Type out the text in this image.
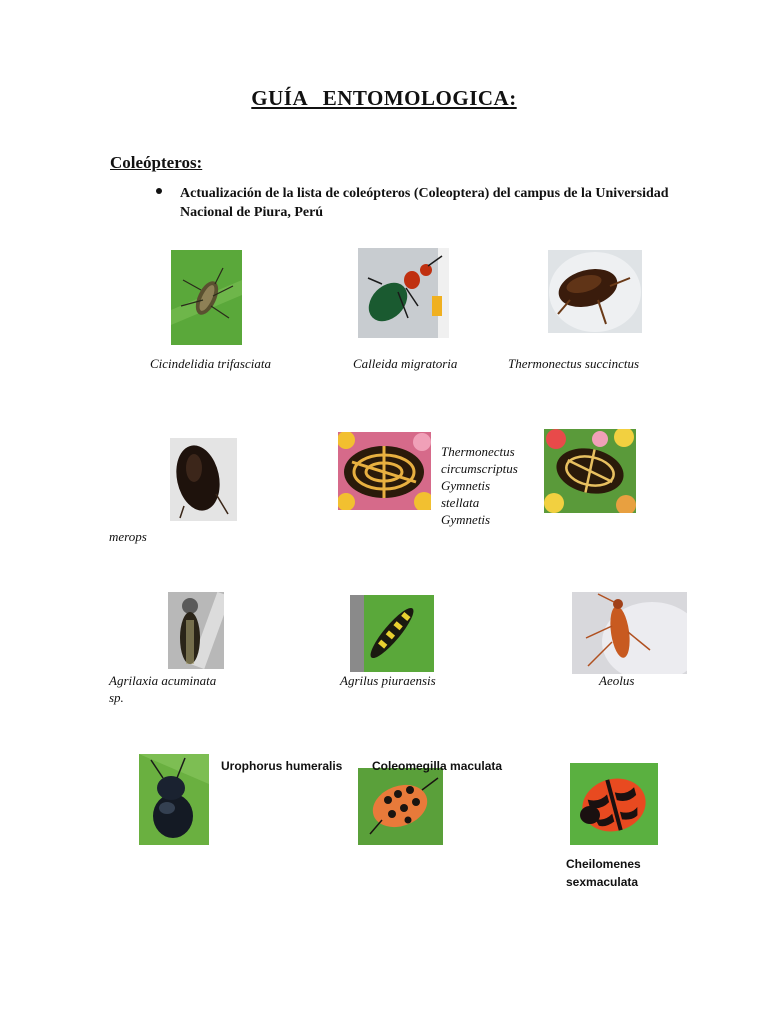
GUÍA ENTOMOLOGICA:
Coleópteros:
Actualización de la lista de coleópteros (Coleoptera) del campus de la Universidad Nacional de Piura, Perú
Cicindelidia trifasciata	Calleida migratoria	Thermonectus succinctus
Thermonectus
circumscriptus
Gymnetis
stellata
Gymnetis
merops
Agrilaxia acuminata
sp.
Agrilus piuraensis	Aeolus
Urophorus humeralis Coleomegilla maculata
Cheilomenes
sexmaculata
